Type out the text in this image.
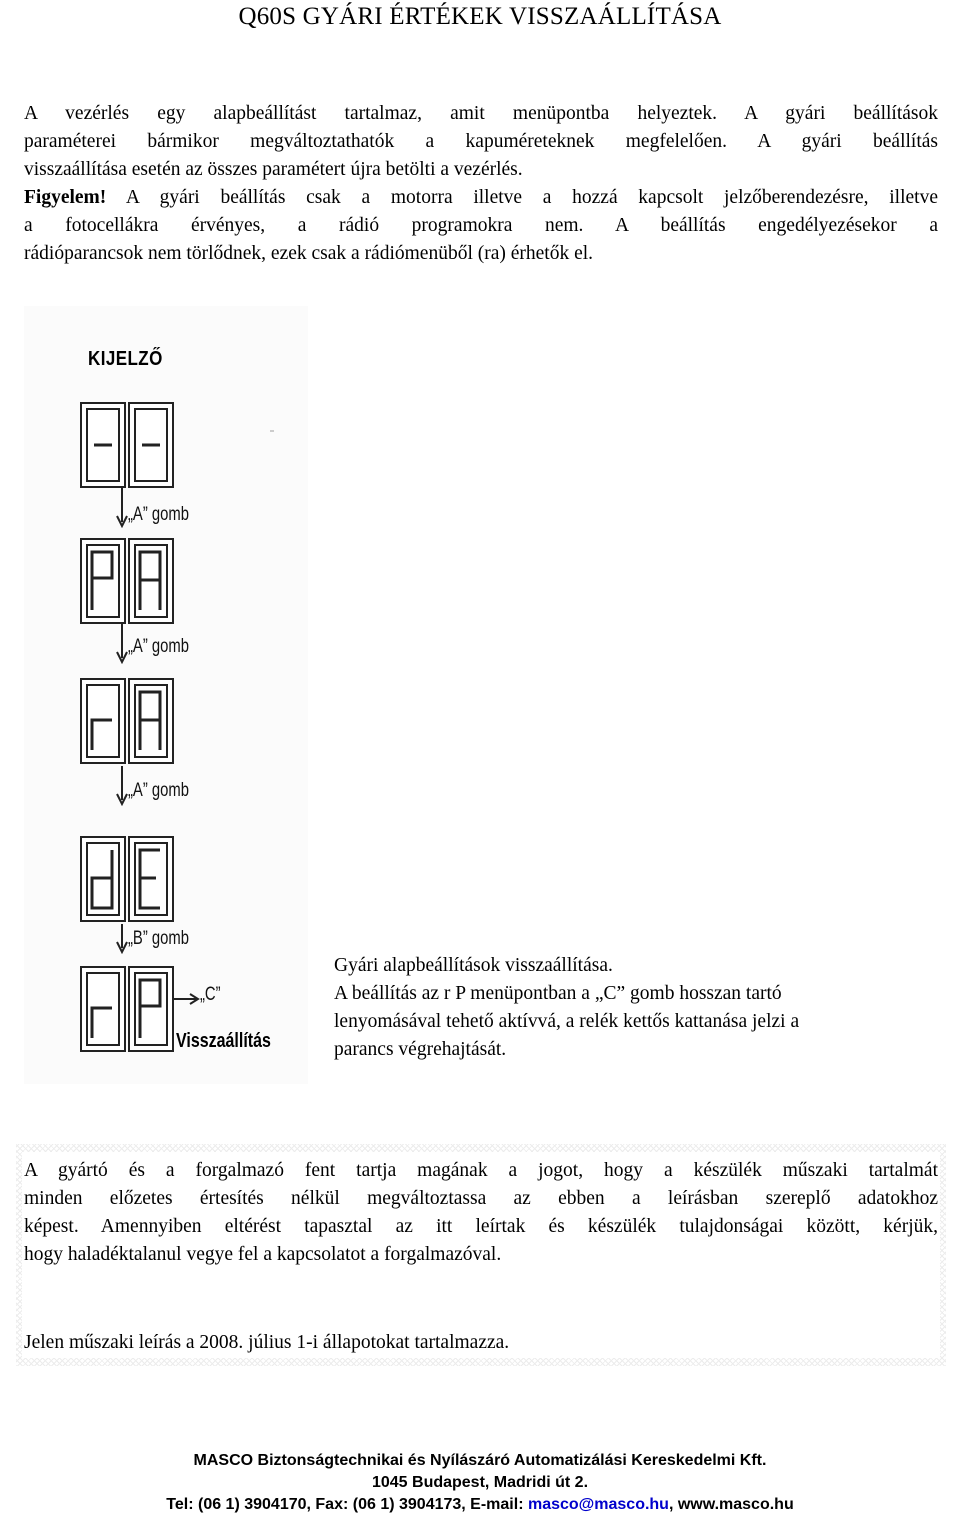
Q60S GYÁRI ÉRTÉKEK VISSZAÁLLÍTÁSA
A vezérlés egy alapbeállítást tartalmaz, amit menüpontba helyeztek. A gyári beállítások
paraméterei bármikor megváltoztathatók a kapuméreteknek megfelelően. A gyári beállítás
visszaállítása esetén az összes paramétert újra betölti a vezérlés.
Figyelem! A gyári beállítás csak a motorra illetve a hozzá kapcsolt jelzőberendezésre, illetve
a fotocellákra érvényes, a rádió programokra nem. A beállítás engedélyezésekor a
rádióparancsok nem törlődnek, ezek csak a rádiómenüből (ra) érhetők el.
KIJELZŐ
„A” gomb
„A” gomb
„A” gomb
„B” gomb
„C”
Visszaállítás
Gyári alapbeállítások visszaállítása.
A beállítás az r P menüpontban a „C” gomb hosszan tartó
lenyomásával tehető aktívvá, a relék kettős kattanása jelzi a
parancs végrehajtását.
A gyártó és a forgalmazó fent tartja magának a jogot, hogy a készülék műszaki tartalmát
minden előzetes értesítés nélkül megváltoztassa az ebben a leírásban szereplő adatokhoz
képest. Amennyiben eltérést tapasztal az itt leírtak és készülék tulajdonságai között, kérjük,
hogy haladéktalanul vegye fel a kapcsolatot a forgalmazóval.
Jelen műszaki leírás a 2008. július 1-i állapotokat tartalmazza.
MASCO Biztonságtechnikai és Nyílászáró Automatizálási Kereskedelmi Kft.
1045 Budapest, Madridi út 2.
Tel: (06 1) 3904170, Fax: (06 1) 3904173, E-mail: masco@masco.hu, www.masco.hu
